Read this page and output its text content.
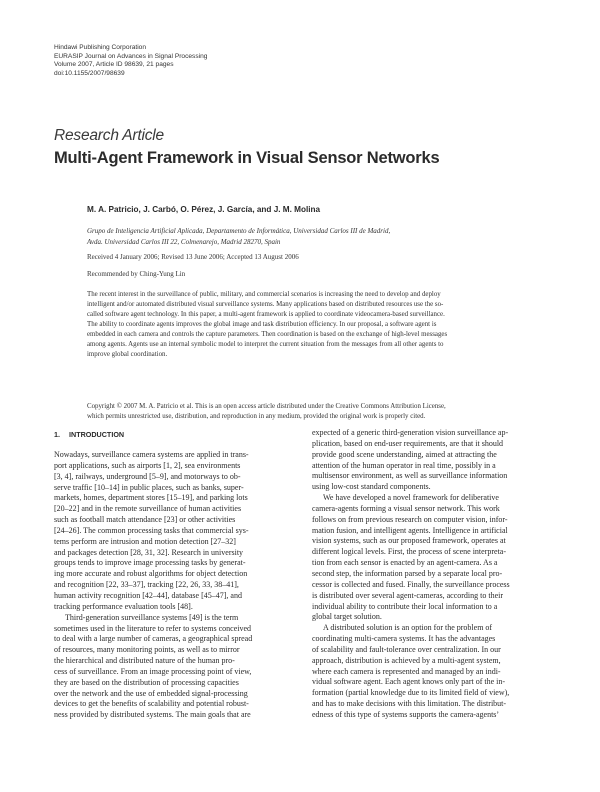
Hindawi Publishing Corporation
EURASIP Journal on Advances in Signal Processing
Volume 2007, Article ID 98639, 21 pages
doi:10.1155/2007/98639
Research Article
Multi-Agent Framework in Visual Sensor Networks
M. A. Patricio, J. Carbó, O. Pérez, J. García, and J. M. Molina
Grupo de Inteligencia Artificial Aplicada, Departamento de Informática, Universidad Carlos III de Madrid,
Avda. Universidad Carlos III 22, Colmenarejo, Madrid 28270, Spain
Received 4 January 2006; Revised 13 June 2006; Accepted 13 August 2006
Recommended by Ching-Yung Lin
The recent interest in the surveillance of public, military, and commercial scenarios is increasing the need to develop and deploy
intelligent and/or automated distributed visual surveillance systems. Many applications based on distributed resources use the so-
called software agent technology. In this paper, a multi-agent framework is applied to coordinate videocamera-based surveillance.
The ability to coordinate agents improves the global image and task distribution efficiency. In our proposal, a software agent is
embedded in each camera and controls the capture parameters. Then coordination is based on the exchange of high-level messages
among agents. Agents use an internal symbolic model to interpret the current situation from the messages from all other agents to
improve global coordination.
Copyright © 2007 M. A. Patricio et al. This is an open access article distributed under the Creative Commons Attribution License,
which permits unrestricted use, distribution, and reproduction in any medium, provided the original work is properly cited.
1. INTRODUCTION
Nowadays, surveillance camera systems are applied in trans-
port applications, such as airports [1, 2], sea environments
[3, 4], railways, underground [5–9], and motorways to ob-
serve traffic [10–14] in public places, such as banks, super-
markets, homes, department stores [15–19], and parking lots
[20–22] and in the remote surveillance of human activities
such as football match attendance [23] or other activities
[24–26]. The common processing tasks that commercial sys-
tems perform are intrusion and motion detection [27–32]
and packages detection [28, 31, 32]. Research in university
groups tends to improve image processing tasks by generat-
ing more accurate and robust algorithms for object detection
and recognition [22, 33–37], tracking [22, 26, 33, 38–41],
human activity recognition [42–44], database [45–47], and
tracking performance evaluation tools [48].
Third-generation surveillance systems [49] is the term
sometimes used in the literature to refer to systems conceived
to deal with a large number of cameras, a geographical spread
of resources, many monitoring points, as well as to mirror
the hierarchical and distributed nature of the human pro-
cess of surveillance. From an image processing point of view,
they are based on the distribution of processing capacities
over the network and the use of embedded signal-processing
devices to get the benefits of scalability and potential robust-
ness provided by distributed systems. The main goals that are
expected of a generic third-generation vision surveillance ap-
plication, based on end-user requirements, are that it should
provide good scene understanding, aimed at attracting the
attention of the human operator in real time, possibly in a
multisensor environment, as well as surveillance information
using low-cost standard components.
We have developed a novel framework for deliberative
camera-agents forming a visual sensor network. This work
follows on from previous research on computer vision, infor-
mation fusion, and intelligent agents. Intelligence in artificial
vision systems, such as our proposed framework, operates at
different logical levels. First, the process of scene interpreta-
tion from each sensor is enacted by an agent-camera. As a
second step, the information parsed by a separate local pro-
cessor is collected and fused. Finally, the surveillance process
is distributed over several agent-cameras, according to their
individual ability to contribute their local information to a
global target solution.
A distributed solution is an option for the problem of
coordinating multi-camera systems. It has the advantages
of scalability and fault-tolerance over centralization. In our
approach, distribution is achieved by a multi-agent system,
where each camera is represented and managed by an indi-
vidual software agent. Each agent knows only part of the in-
formation (partial knowledge due to its limited field of view),
and has to make decisions with this limitation. The distribut-
edness of this type of systems supports the camera-agents’
